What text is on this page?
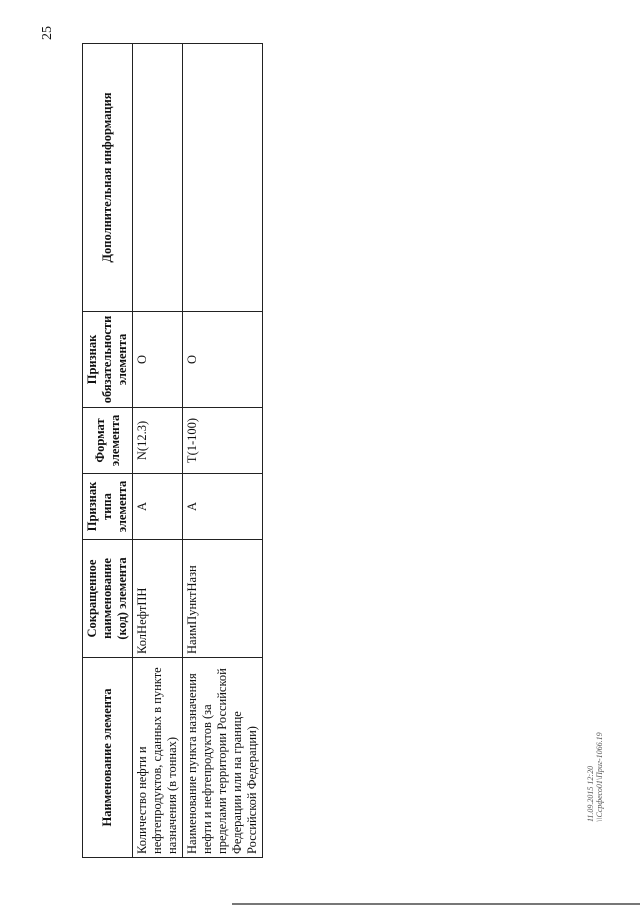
25
Наименование элемента	Сокращенное наименование (код) элемента	Признак типа элемента	Формат элемента	Признак обязательности элемента	Дополнительная информация
Количество нефти и нефтепродуктов, сданных в пункте назначения (в тоннах)	КолНефтПН	А	N(12.3)	О	
Наименование пункта назначения нефти и нефтепродуктов (за пределами территории Российской Федерации или на границе Российской Федерации)	НаимПунктНазн	А	Т(1-100)	О	
11.09.2015 12:20 \\Ссрфесо01\Приг-1066.19
